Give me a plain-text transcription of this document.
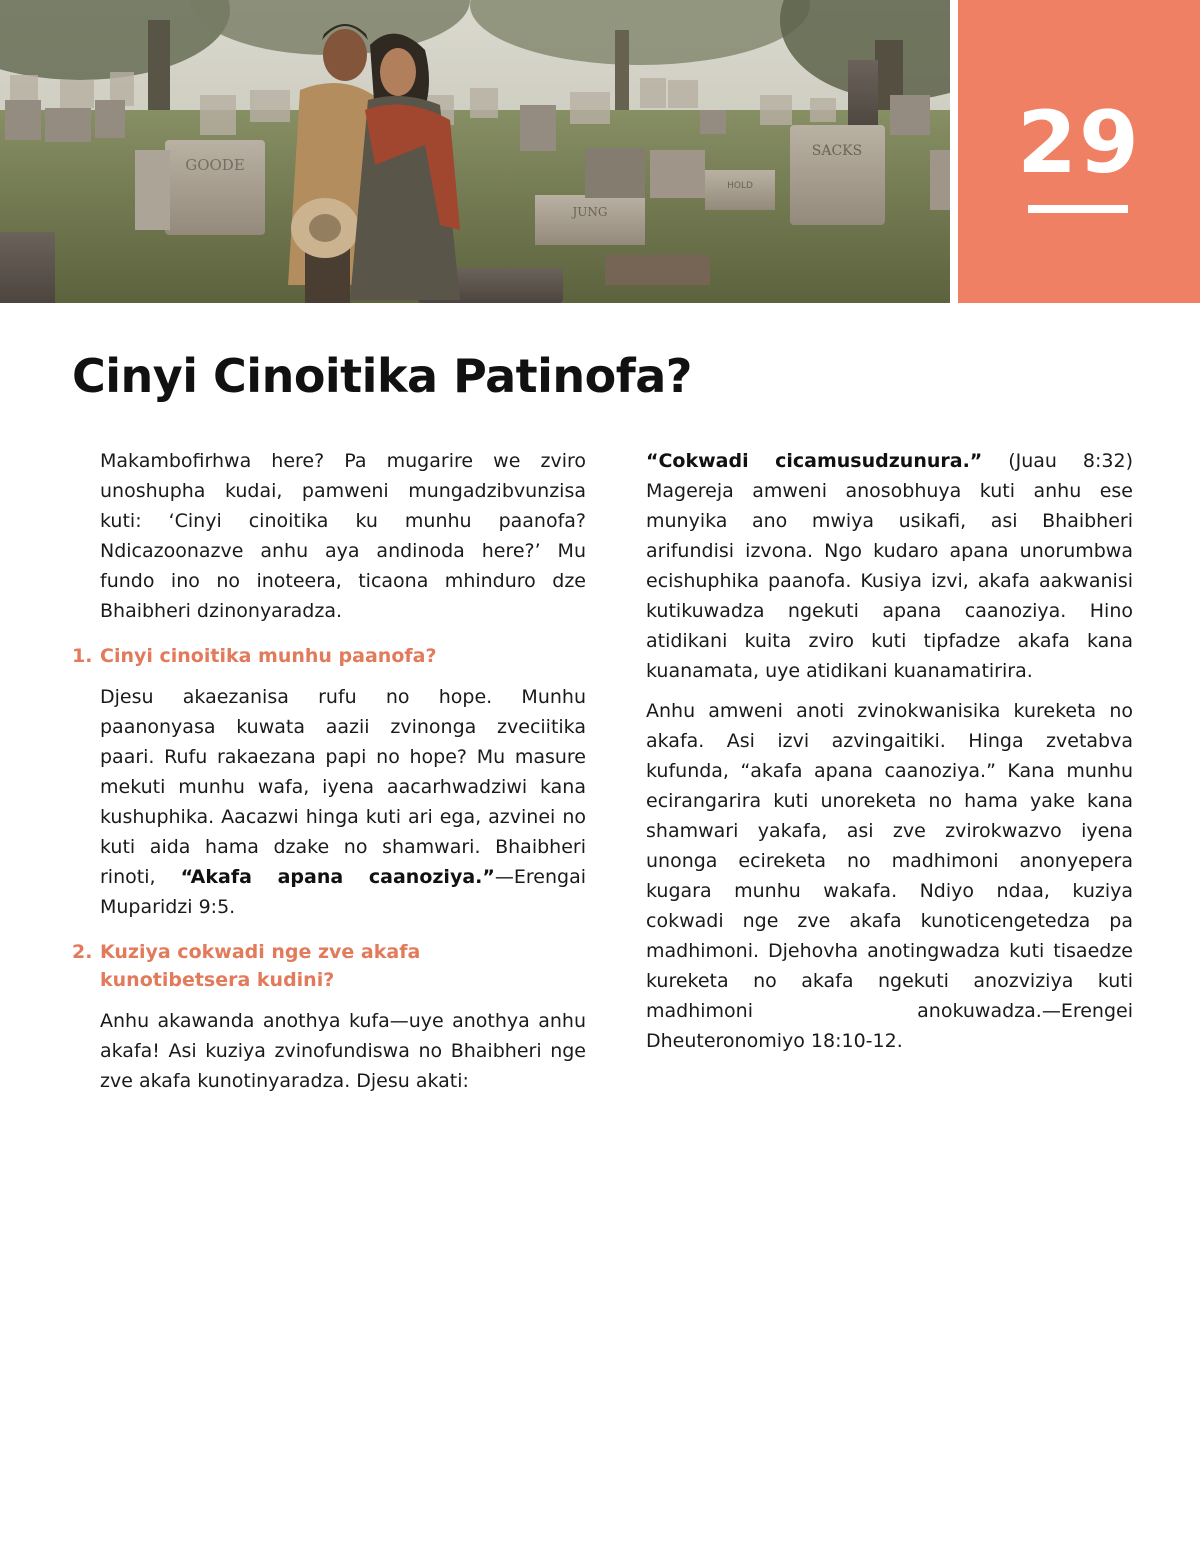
GOODE
SACKS
HOLD
JUNG
29
Cinyi Cinoitika Patinofa?

Makambofirhwa here? Pa mugarire we zviro unoshupha kudai, pamweni mungadzibvunzisa kuti: ‘Cinyi cinoitika ku munhu paanofa? Ndicazoonazve anhu aya andinoda here?’ Mu fundo ino no inoteera, ticaona mhinduro dze Bhaibheri dzinonyaradza.

1. Cinyi cinoitika munhu paanofa?

Djesu akaezanisa rufu no hope. Munhu paanonyasa kuwata aazii zvinonga zveciitika paari. Rufu rakaezana papi no hope? Mu masure mekuti munhu wafa, iyena aacarhwadziwi kana kushuphika. Aacazwi hinga kuti ari ega, azvinei no kuti aida hama dzake no shamwari. Bhaibheri rinoti, “Akafa apana caanoziya.”—Erengai Muparidzi 9:5.

2. Kuziya cokwadi nge zve akafa kunotibetsera kudini?

Anhu akawanda anothya kufa—uye anothya anhu akafa! Asi kuziya zvinofundiswa no Bhaibheri nge zve akafa kunotinyaradza. Djesu akati:

“Cokwadi cicamusudzunura.” (Juau 8:32) Magereja amweni anosobhuya kuti anhu ese munyika ano mwiya usikafi, asi Bhaibheri arifundisi izvona. Ngo kudaro apana unorumbwa ecishuphika paanofa. Kusiya izvi, akafa aakwanisi kutikuwadza ngekuti apana caanoziya. Hino atidikani kuita zviro kuti tipfadze akafa kana kuanamata, uye atidikani kuanamatirira.

Anhu amweni anoti zvinokwanisika kureketa no akafa. Asi izvi azvingaitiki. Hinga zvetabva kufunda, “akafa apana caanoziya.” Kana munhu ecirangarira kuti unoreketa no hama yake kana shamwari yakafa, asi zve zvirokwazvo iyena unonga ecireketa no madhimoni anonyepera kugara munhu wakafa. Ndiyo ndaa, kuziya cokwadi nge zve akafa kunoticengetedza pa madhimoni. Djehovha anotingwadza kuti tisaedze kureketa no akafa ngekuti anozviziya kuti madhimoni anokuwadza.—Erengei Dheuteronomiyo 18:10-12.
